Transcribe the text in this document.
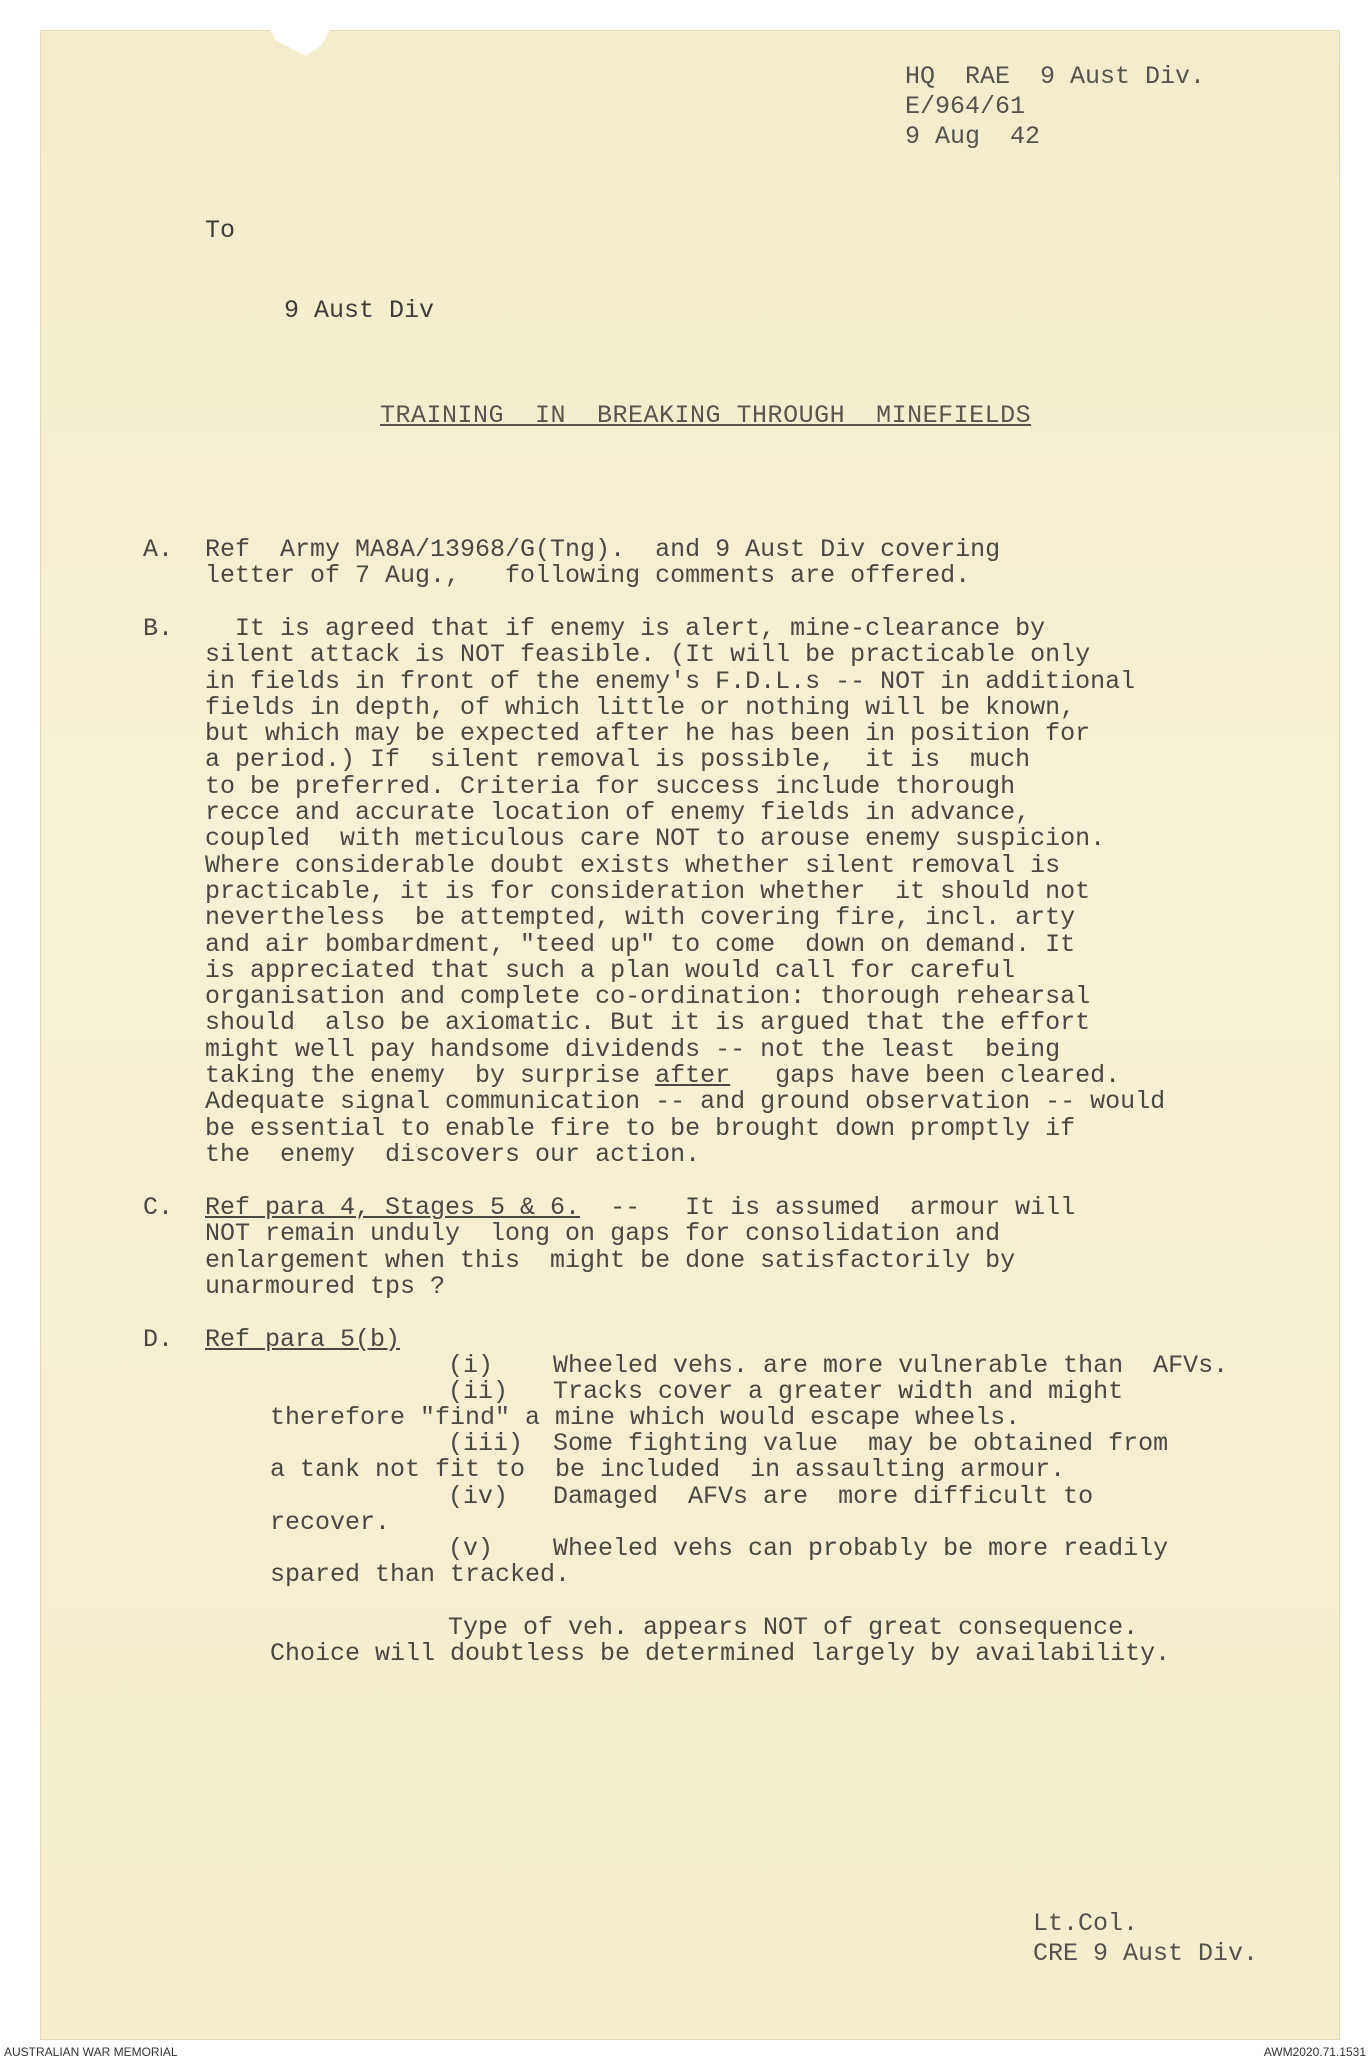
HQ  RAE  9 Aust Div.
E/964/61
9 Aug  42
To
9 Aust Div
TRAINING  IN  BREAKING THROUGH  MINEFIELDS
A. Ref  Army MA8A/13968/G(Tng).  and 9 Aust Div covering
letter of 7 Aug.,   following comments are offered.
B. It is agreed that if enemy is alert, mine-clearance by
silent attack is NOT feasible. (It will be practicable only
in fields in front of the enemy's F.D.L.s -- NOT in additional
fields in depth, of which little or nothing will be known,
but which may be expected after he has been in position for
a period.) If  silent removal is possible,  it is  much
to be preferred. Criteria for success include thorough
recce and accurate location of enemy fields in advance,
coupled  with meticulous care NOT to arouse enemy suspicion.
Where considerable doubt exists whether silent removal is
practicable, it is for consideration whether  it should not
nevertheless  be attempted, with covering fire, incl. arty
and air bombardment, "teed up" to come  down on demand. It
is appreciated that such a plan would call for careful
organisation and complete co-ordination: thorough rehearsal
should  also be axiomatic. But it is argued that the effort
might well pay handsome dividends -- not the least  being
taking the enemy  by surprise after   gaps have been cleared.
Adequate signal communication -- and ground observation -- would
be essential to enable fire to be brought down promptly if
the  enemy  discovers our action.
C. Ref para 4, Stages 5 & 6.  --   It is assumed  armour will
NOT remain unduly  long on gaps for consolidation and
enlargement when this  might be done satisfactorily by
unarmoured tps ?
D. Ref para 5(b)
(i)    Wheeled vehs. are more vulnerable than  AFVs.
(ii)   Tracks cover a greater width and might
therefore "find" a mine which would escape wheels.
(iii)  Some fighting value  may be obtained from
a tank not fit to  be included  in assaulting armour.
(iv)   Damaged  AFVs are  more difficult to
recover.
(v)    Wheeled vehs can probably be more readily
spared than tracked.
Type of veh. appears NOT of great consequence.
Choice will doubtless be determined largely by availability.
Lt.Col.
CRE 9 Aust Div.
AUSTRALIAN WAR MEMORIAL	AWM2020.71.1531
